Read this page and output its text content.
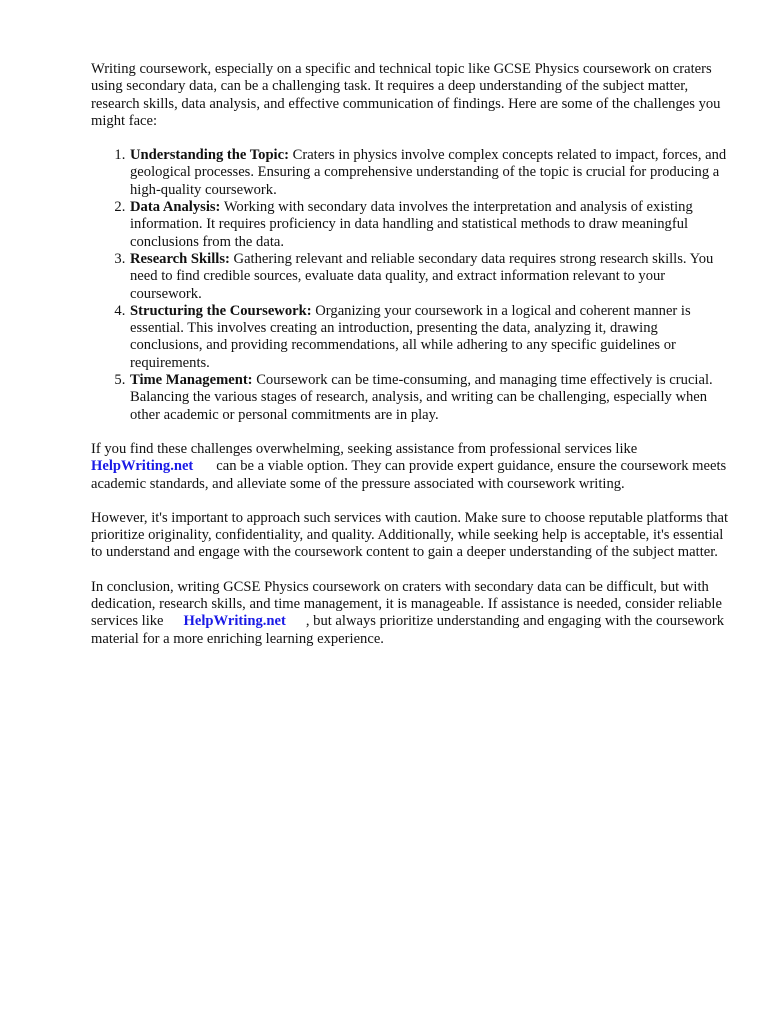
Writing coursework, especially on a specific and technical topic like GCSE Physics coursework on craters using secondary data, can be a challenging task. It requires a deep understanding of the subject matter, research skills, data analysis, and effective communication of findings. Here are some of the challenges you might face:

1. Understanding the Topic: Craters in physics involve complex concepts related to impact, forces, and geological processes. Ensuring a comprehensive understanding of the topic is crucial for producing a high-quality coursework.
2. Data Analysis: Working with secondary data involves the interpretation and analysis of existing information. It requires proficiency in data handling and statistical methods to draw meaningful conclusions from the data.
3. Research Skills: Gathering relevant and reliable secondary data requires strong research skills. You need to find credible sources, evaluate data quality, and extract information relevant to your coursework.
4. Structuring the Coursework: Organizing your coursework in a logical and coherent manner is essential. This involves creating an introduction, presenting the data, analyzing it, drawing conclusions, and providing recommendations, all while adhering to any specific guidelines or requirements.
5. Time Management: Coursework can be time-consuming, and managing time effectively is crucial. Balancing the various stages of research, analysis, and writing can be challenging, especially when other academic or personal commitments are in play.

If you find these challenges overwhelming, seeking assistance from professional services like
HelpWriting.net can be a viable option. They can provide expert guidance, ensure the coursework meets academic standards, and alleviate some of the pressure associated with coursework writing.

However, it's important to approach such services with caution. Make sure to choose reputable platforms that prioritize originality, confidentiality, and quality. Additionally, while seeking help is acceptable, it's essential to understand and engage with the coursework content to gain a deeper understanding of the subject matter.

In conclusion, writing GCSE Physics coursework on craters with secondary data can be difficult, but with dedication, research skills, and time management, it is manageable. If assistance is needed, consider reliable services like HelpWriting.net , but always prioritize understanding and engaging with the coursework material for a more enriching learning experience.
